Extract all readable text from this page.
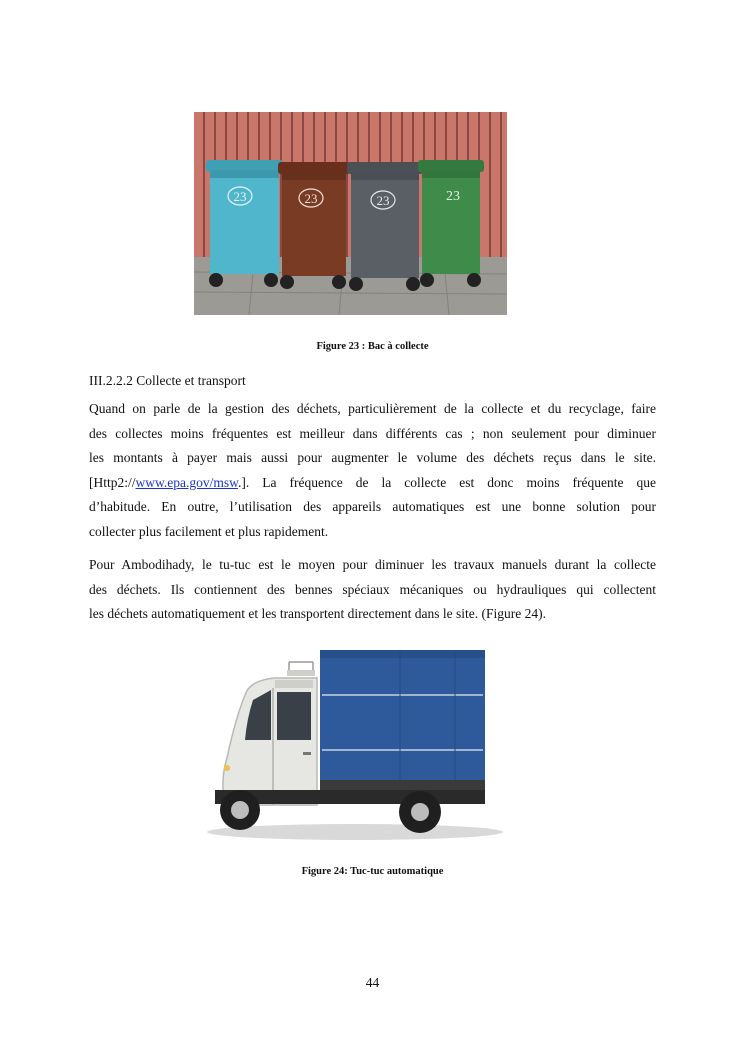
23	23	23	23
Figure 23 : Bac à collecte
III.2.2.2 Collecte et transport
Quand on parle de la gestion des déchets, particulièrement de la collecte et du recyclage, faire
des collectes moins fréquentes est meilleur dans différents cas ; non seulement pour diminuer
les montants à payer mais aussi pour augmenter le volume des déchets reçus dans le site.
[Http2://www.epa.gov/msw.]. La fréquence de la collecte est donc moins fréquente que
d’habitude. En outre, l’utilisation des appareils automatiques est une bonne solution pour
collecter plus facilement et plus rapidement.
Pour Ambodihady, le tu-tuc est le moyen pour diminuer les travaux manuels durant la collecte
des déchets. Ils contiennent des bennes spéciaux mécaniques ou hydrauliques qui collectent
les déchets automatiquement et les transportent directement dans le site. (Figure 24).
Figure 24: Tuc-tuc automatique
44
